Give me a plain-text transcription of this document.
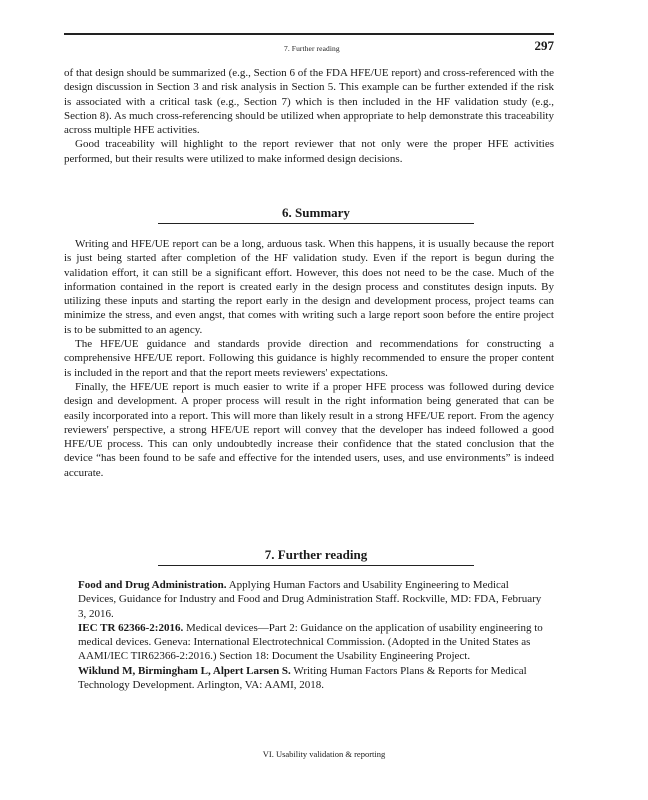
7. Further reading	297

of that design should be summarized (e.g., Section 6 of the FDA HFE/UE report) and cross-referenced with the design discussion in Section 3 and risk analysis in Section 5. This example can be further extended if the risk is associated with a critical task (e.g., Section 7) which is then included in the HF validation study (e.g., Section 8). As much cross-referencing should be utilized when appropriate to help demonstrate this traceability across multiple HFE activities.

Good traceability will highlight to the report reviewer that not only were the proper HFE activities performed, but their results were utilized to make informed design decisions.

6. Summary

Writing and HFE/UE report can be a long, arduous task. When this happens, it is usually because the report is just being started after completion of the HF validation study. Even if the report is begun during the validation effort, it can still be a significant effort. However, this does not need to be the case. Much of the information contained in the report is created early in the design process and constitutes design inputs. By utilizing these inputs and starting the report early in the design and development process, project teams can minimize the stress, and even angst, that comes with writing such a large report soon before the entire project is to be submitted to an agency.

The HFE/UE guidance and standards provide direction and recommendations for constructing a comprehensive HFE/UE report. Following this guidance is highly recommended to ensure the proper content is included in the report and that the report meets reviewers' expectations.

Finally, the HFE/UE report is much easier to write if a proper HFE process was followed during device design and development. A proper process will result in the right information being generated that can be easily incorporated into a report. This will more than likely result in a strong HFE/UE report. From the agency reviewers' perspective, a strong HFE/UE report will convey that the developer has indeed followed a good HFE/UE process. This can only undoubtedly increase their confidence that the stated conclusion that the device “has been found to be safe and effective for the intended users, uses, and use environments” is indeed accurate.

7. Further reading

Food and Drug Administration. Applying Human Factors and Usability Engineering to Medical Devices, Guidance for Industry and Food and Drug Administration Staff. Rockville, MD: FDA, February 3, 2016.

IEC TR 62366-2:2016. Medical devices—Part 2: Guidance on the application of usability engineering to medical devices. Geneva: International Electrotechnical Commission. (Adopted in the United States as AAMI/IEC TIR62366-2:2016.) Section 18: Document the Usability Engineering Project.

Wiklund M, Birmingham L, Alpert Larsen S. Writing Human Factors Plans & Reports for Medical Technology Development. Arlington, VA: AAMI, 2018.

VI. Usability validation & reporting
